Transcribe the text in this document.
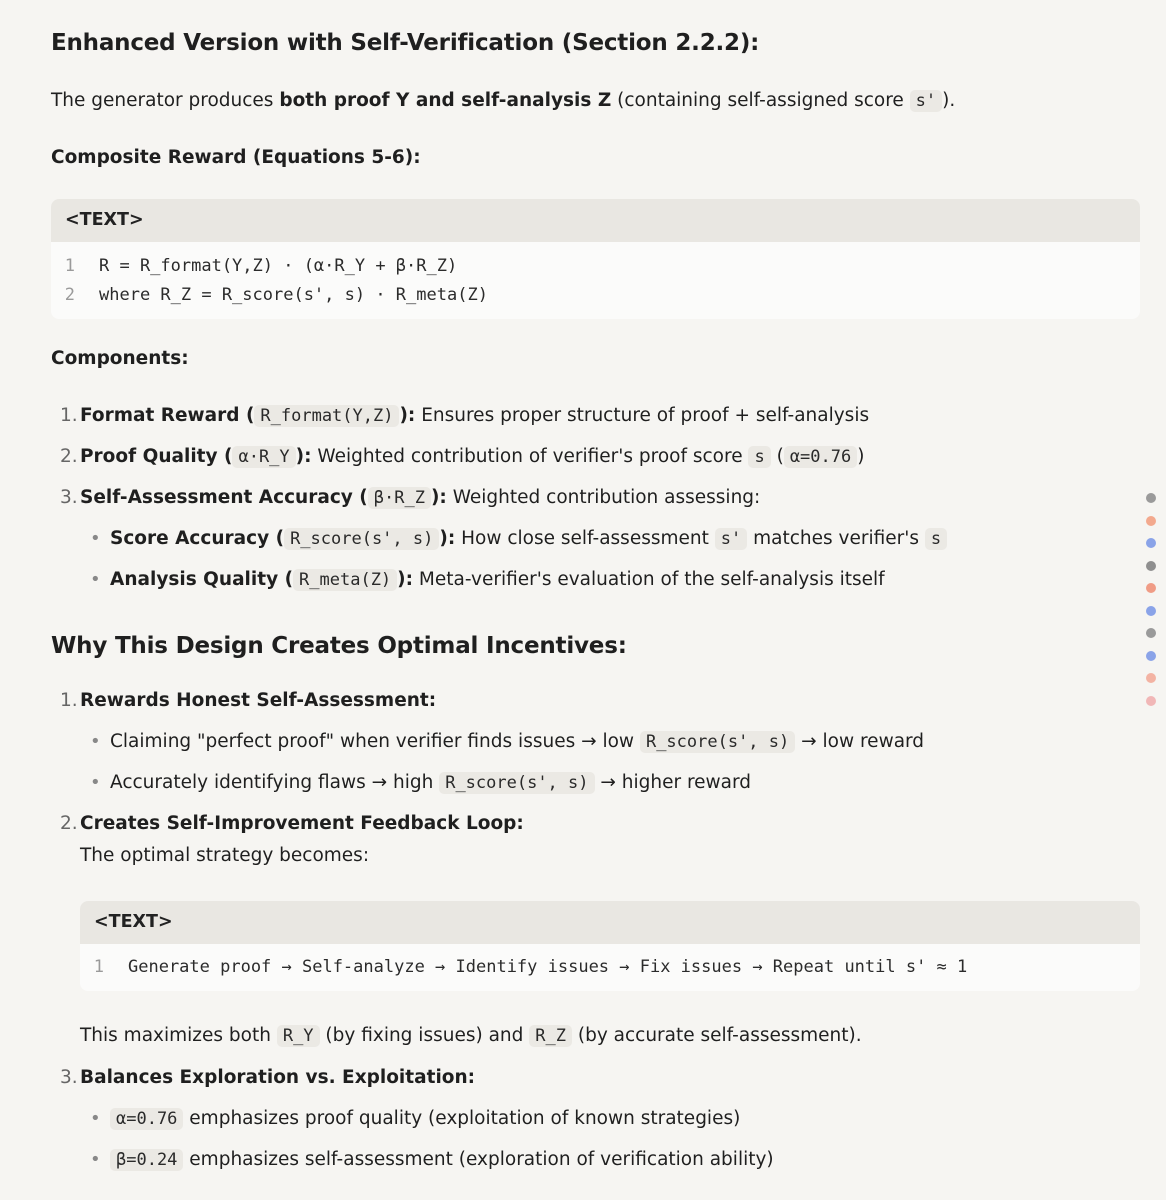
Enhanced Version with Self-Verification (Section 2.2.2):
The generator produces both proof Y and self-analysis Z (containing self-assigned score s' ).
Composite Reward (Equations 5-6):
<TEXT>
1 R = R_format(Y,Z) · (α·R_Y + β·R_Z)
2 where R_Z = R_score(s', s) · R_meta(Z)
Components:
1. Format Reward ( R_format(Y,Z) ): Ensures proper structure of proof + self-analysis
2. Proof Quality ( α·R_Y ): Weighted contribution of verifier's proof score s ( α=0.76 )
3. Self-Assessment Accuracy ( β·R_Z ): Weighted contribution assessing:
• Score Accuracy ( R_score(s', s) ): How close self-assessment s' matches verifier's s
• Analysis Quality ( R_meta(Z) ): Meta-verifier's evaluation of the self-analysis itself
Why This Design Creates Optimal Incentives:
1. Rewards Honest Self-Assessment:
• Claiming "perfect proof" when verifier finds issues → low R_score(s', s) → low reward
• Accurately identifying flaws → high R_score(s', s) → higher reward
2. Creates Self-Improvement Feedback Loop:
The optimal strategy becomes:
<TEXT>
1 Generate proof → Self-analyze → Identify issues → Fix issues → Repeat until s' ≈ 1
This maximizes both R_Y (by fixing issues) and R_Z (by accurate self-assessment).
3. Balances Exploration vs. Exploitation:
• α=0.76 emphasizes proof quality (exploitation of known strategies)
• β=0.24 emphasizes self-assessment (exploration of verification ability)
